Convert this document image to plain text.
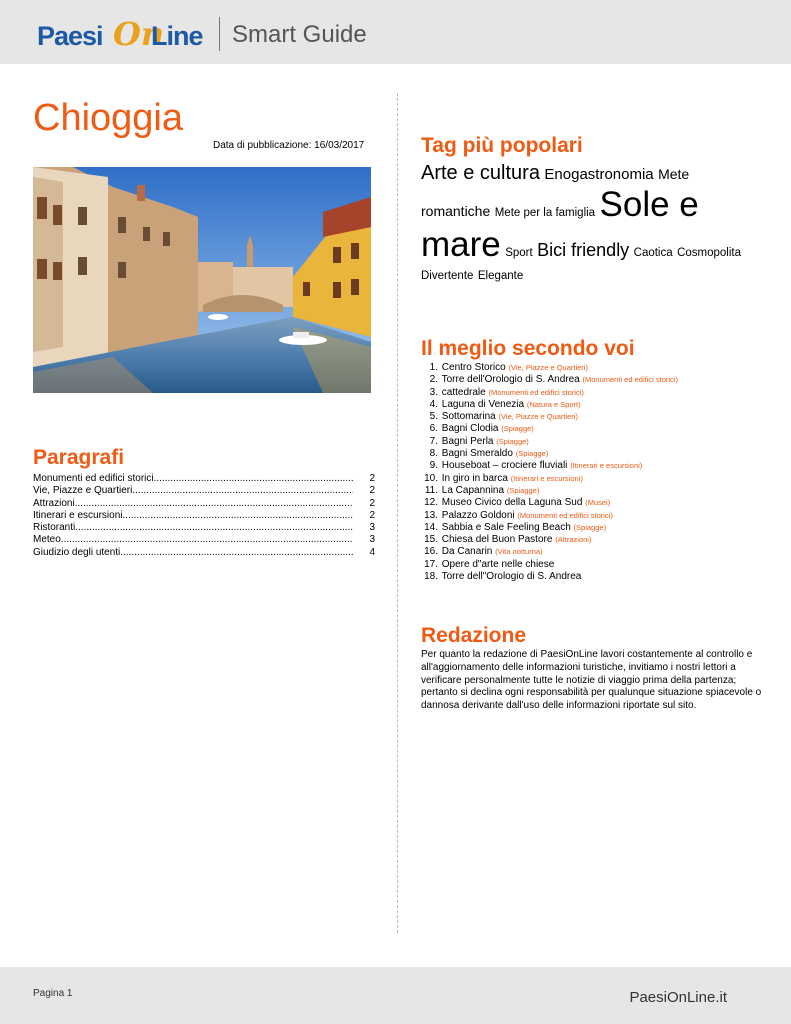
Paesi On
Line Smart Guide
Chioggia
Data di pubblicazione: 16/03/2017
Paragrafi
Monumenti ed edifici storici .....	2
Vie, Piazze e Quartieri .....	2
Attrazioni .....	2
Itinerari e escursioni .....	2
Ristoranti .....	3
Meteo .....	3
Giudizio degli utenti .....	4
Tag più popolari
Arte e cultura Enogastronomia Mete romantiche Mete per la famiglia Sole e mare Sport Bici friendly Caotica Cosmopolita Divertente Elegante
Il meglio secondo voi
1. Centro Storico (Vie, Piazze e Quartieri)
2. Torre dell'Orologio di S. Andrea (Monumenti ed edifici storici)
3. cattedrale (Monumenti ed edifici storici)
4. Laguna di Venezia (Natura e Sport)
5. Sottomarina (Vie, Piazze e Quartieri)
6. Bagni Clodia (Spiagge)
7. Bagni Perla (Spiagge)
8. Bagni Smeraldo (Spiagge)
9. Houseboat – crociere fluviali (Itinerari e escursioni)
10. In giro in barca (Itinerari e escursioni)
11. La Capannina (Spiagge)
12. Museo Civico della Laguna Sud (Musei)
13. Palazzo Goldoni (Monumenti ed edifici storici)
14. Sabbia e Sale Feeling Beach (Spiagge)
15. Chiesa del Buon Pastore (Attrazioni)
16. Da Canarin (Vita notturna)
17. Opere d"arte nelle chiese
18. Torre dell"Orologio di S. Andrea
Redazione

Per quanto la redazione di PaesiOnLine lavori costantemente al controllo e all'aggiornamento delle informazioni turistiche, invitiamo i nostri lettori a verificare personalmente tutte le notizie di viaggio prima della partenza; pertanto si declina ogni responsabilità per qualunque situazione spiacevole o dannosa derivante dall'uso delle informazioni riportate sul sito.

Pagina 1	PaesiOnLine.it
